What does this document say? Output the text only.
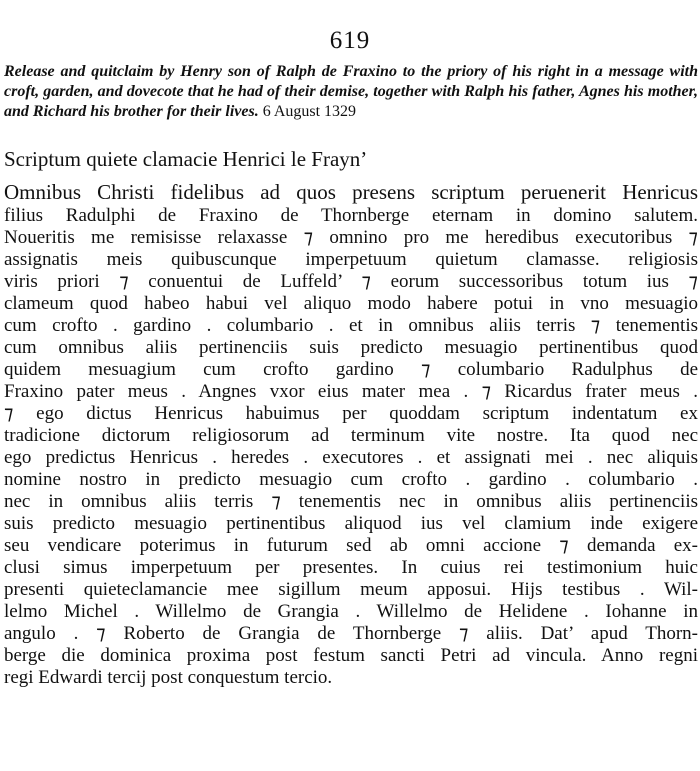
619
Release and quitclaim by Henry son of Ralph de Fraxino to the priory of his right in a message with croft, garden, and dovecote that he had of their demise, together with Ralph his father, Agnes his mother, and Richard his brother for their lives. 6 August 1329
Scriptum quiete clamacie Henrici le Frayn’
Omnibus Christi fidelibus ad quos presens scriptum peruenerit Henricus
filius Radulphi de Fraxino de Thornberge eternam in domino salutem.
Noueritis me remisisse relaxasse ⁊ omnino pro me heredibus executoribus ⁊
assignatis meis quibuscunque imperpetuum quietum clamasse. religiosis
viris priori ⁊ conuentui de Luffeld’ ⁊ eorum successoribus totum ius ⁊
clameum quod habeo habui vel aliquo modo habere potui in vno mesuagio
cum crofto . gardino . columbario . et in omnibus aliis terris ⁊ tenementis
cum omnibus aliis pertinenciis suis predicto mesuagio pertinentibus quod
quidem mesuagium cum crofto gardino ⁊ columbario Radulphus de
Fraxino pater meus . Angnes vxor eius mater mea . ⁊ Ricardus frater meus .
⁊ ego dictus Henricus habuimus per quoddam scriptum indentatum ex
tradicione dictorum religiosorum ad terminum vite nostre. Ita quod nec
ego predictus Henricus . heredes . executores . et assignati mei . nec aliquis
nomine nostro in predicto mesuagio cum crofto . gardino . columbario .
nec in omnibus aliis terris ⁊ tenementis nec in omnibus aliis pertinenciis
suis predicto mesuagio pertinentibus aliquod ius vel clamium inde exigere
seu vendicare poterimus in futurum sed ab omni accione ⁊ demanda ex-
clusi simus imperpetuum per presentes. In cuius rei testimonium huic
presenti quieteclamancie mee sigillum meum apposui. Hijs testibus . Wil-
lelmo Michel . Willelmo de Grangia . Willelmo de Helidene . Iohanne in
angulo . ⁊ Roberto de Grangia de Thornberge ⁊ aliis. Dat’ apud Thorn-
berge die dominica proxima post festum sancti Petri ad vincula. Anno regni
regi Edwardi tercij post conquestum tercio.
